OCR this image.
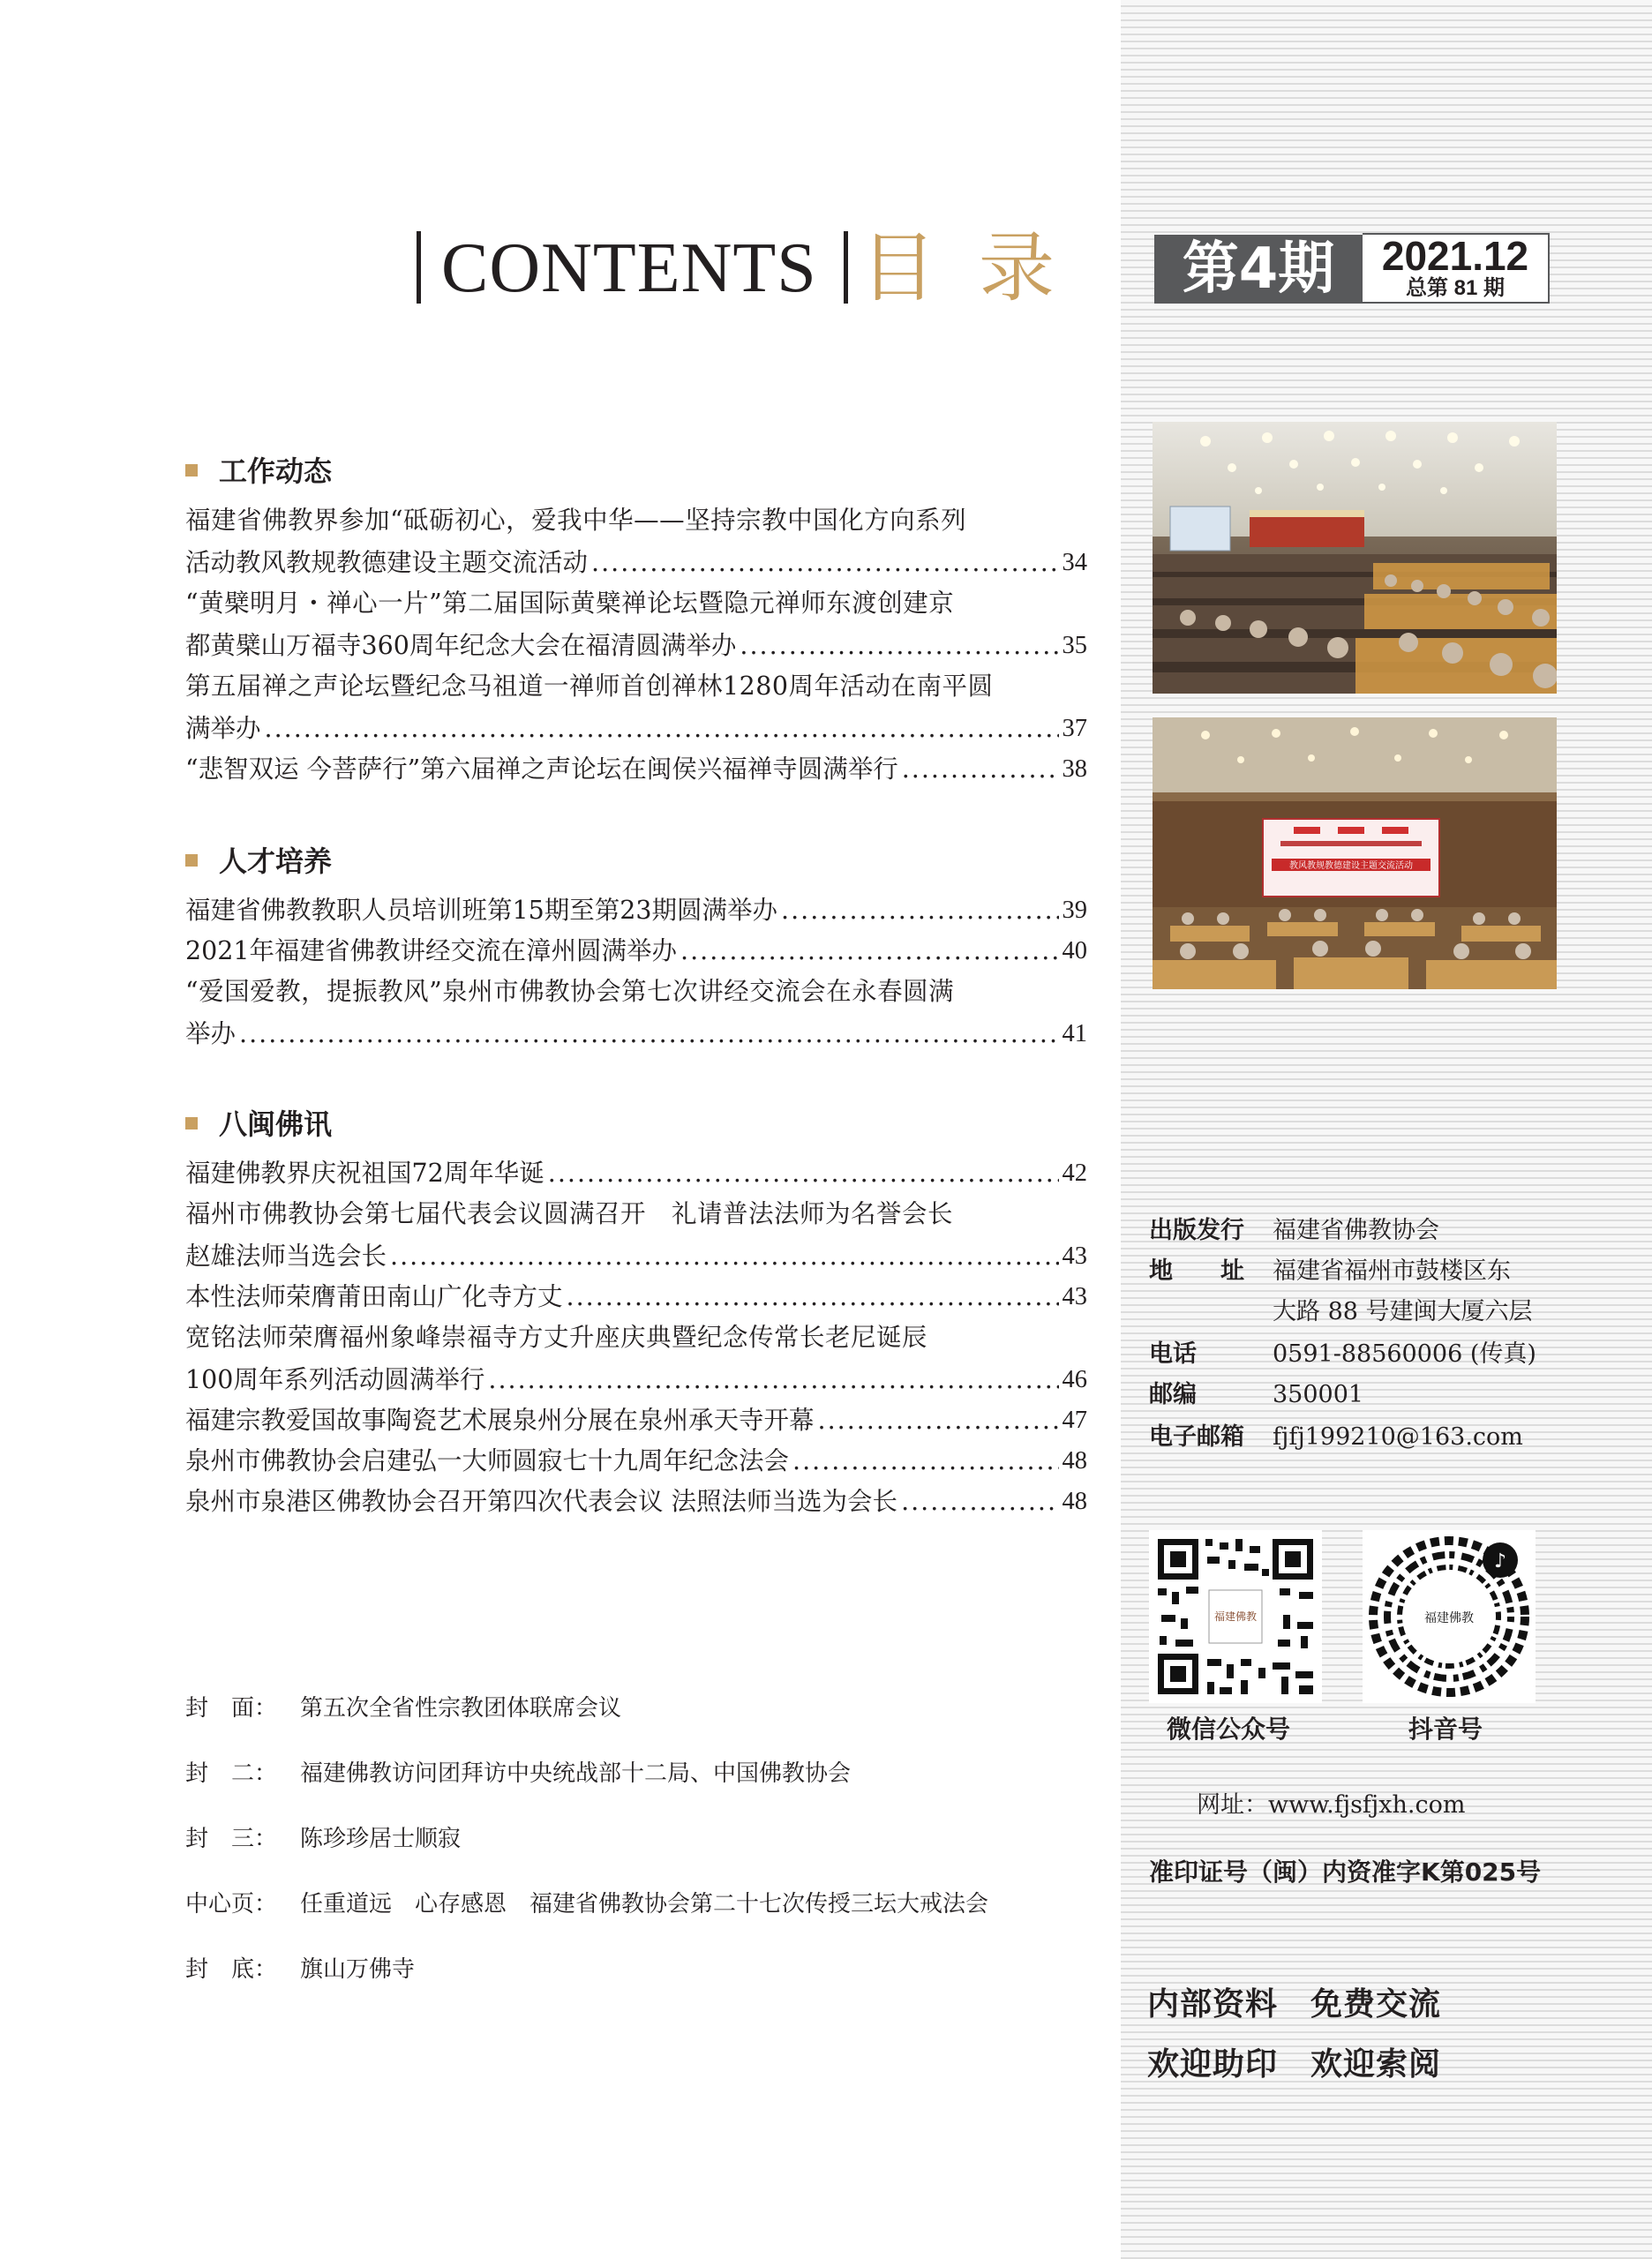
CONTENTS 目录	第4期	2021.12
总第 81 期
工作动态
福建省佛教界参加“砥砺初心，爱我中华——坚持宗教中国化方向系列
活动教风教规教德建设主题交流活动 .....	34
“黄檗明月・禅心一片”第二届国际黄檗禅论坛暨隐元禅师东渡创建京
都黄檗山万福寺360周年纪念大会在福清圆满举办 .....	35
第五届禅之声论坛暨纪念马祖道一禅师首创禅林1280周年活动在南平圆
满举办 .....	37
“悲智双运 今菩萨行”第六届禅之声论坛在闽侯兴福禅寺圆满举行 .....	38
人才培养
福建省佛教教职人员培训班第15期至第23期圆满举办 .....	39
2021年福建省佛教讲经交流在漳州圆满举办 .....	40
“爱国爱教，提振教风”泉州市佛教协会第七次讲经交流会在永春圆满
举办 .....	41
八闽佛讯
福建佛教界庆祝祖国72周年华诞 .....	42
福州市佛教协会第七届代表会议圆满召开　礼请普法法师为名誉会长
赵雄法师当选会长 .....	43
本性法师荣膺莆田南山广化寺方丈 .....	43
宽铭法师荣膺福州象峰崇福寺方丈升座庆典暨纪念传常长老尼诞辰
100周年系列活动圆满举行 .....	46
福建宗教爱国故事陶瓷艺术展泉州分展在泉州承天寺开幕 .....	47
泉州市佛教协会启建弘一大师圆寂七十九周年纪念法会 .....	48
泉州市泉港区佛教协会召开第四次代表会议 法照法师当选为会长 .....	48
封　面： 第五次全省性宗教团体联席会议
封　二： 福建佛教访问团拜访中央统战部十二局、中国佛教协会
封　三： 陈珍珍居士顺寂
中心页： 任重道远　心存感恩　福建省佛教协会第二十七次传授三坛大戒法会
封　底： 旗山万佛寺
教风教规教德建设主题交流活动
出版发行 福建省佛教协会
地　　址 福建省福州市鼓楼区东
大路 88 号建闽大厦六层
电话	0591-88560006 (传真)
邮编	350001
电子邮箱 fjfj199210@163.com
福建佛教
♪
福建佛教
微信公众号	抖音号
网址：www.fjsfjxh.com
准印证号（闽）内资准字K第025号
内部资料　免费交流
欢迎助印　欢迎索阅
